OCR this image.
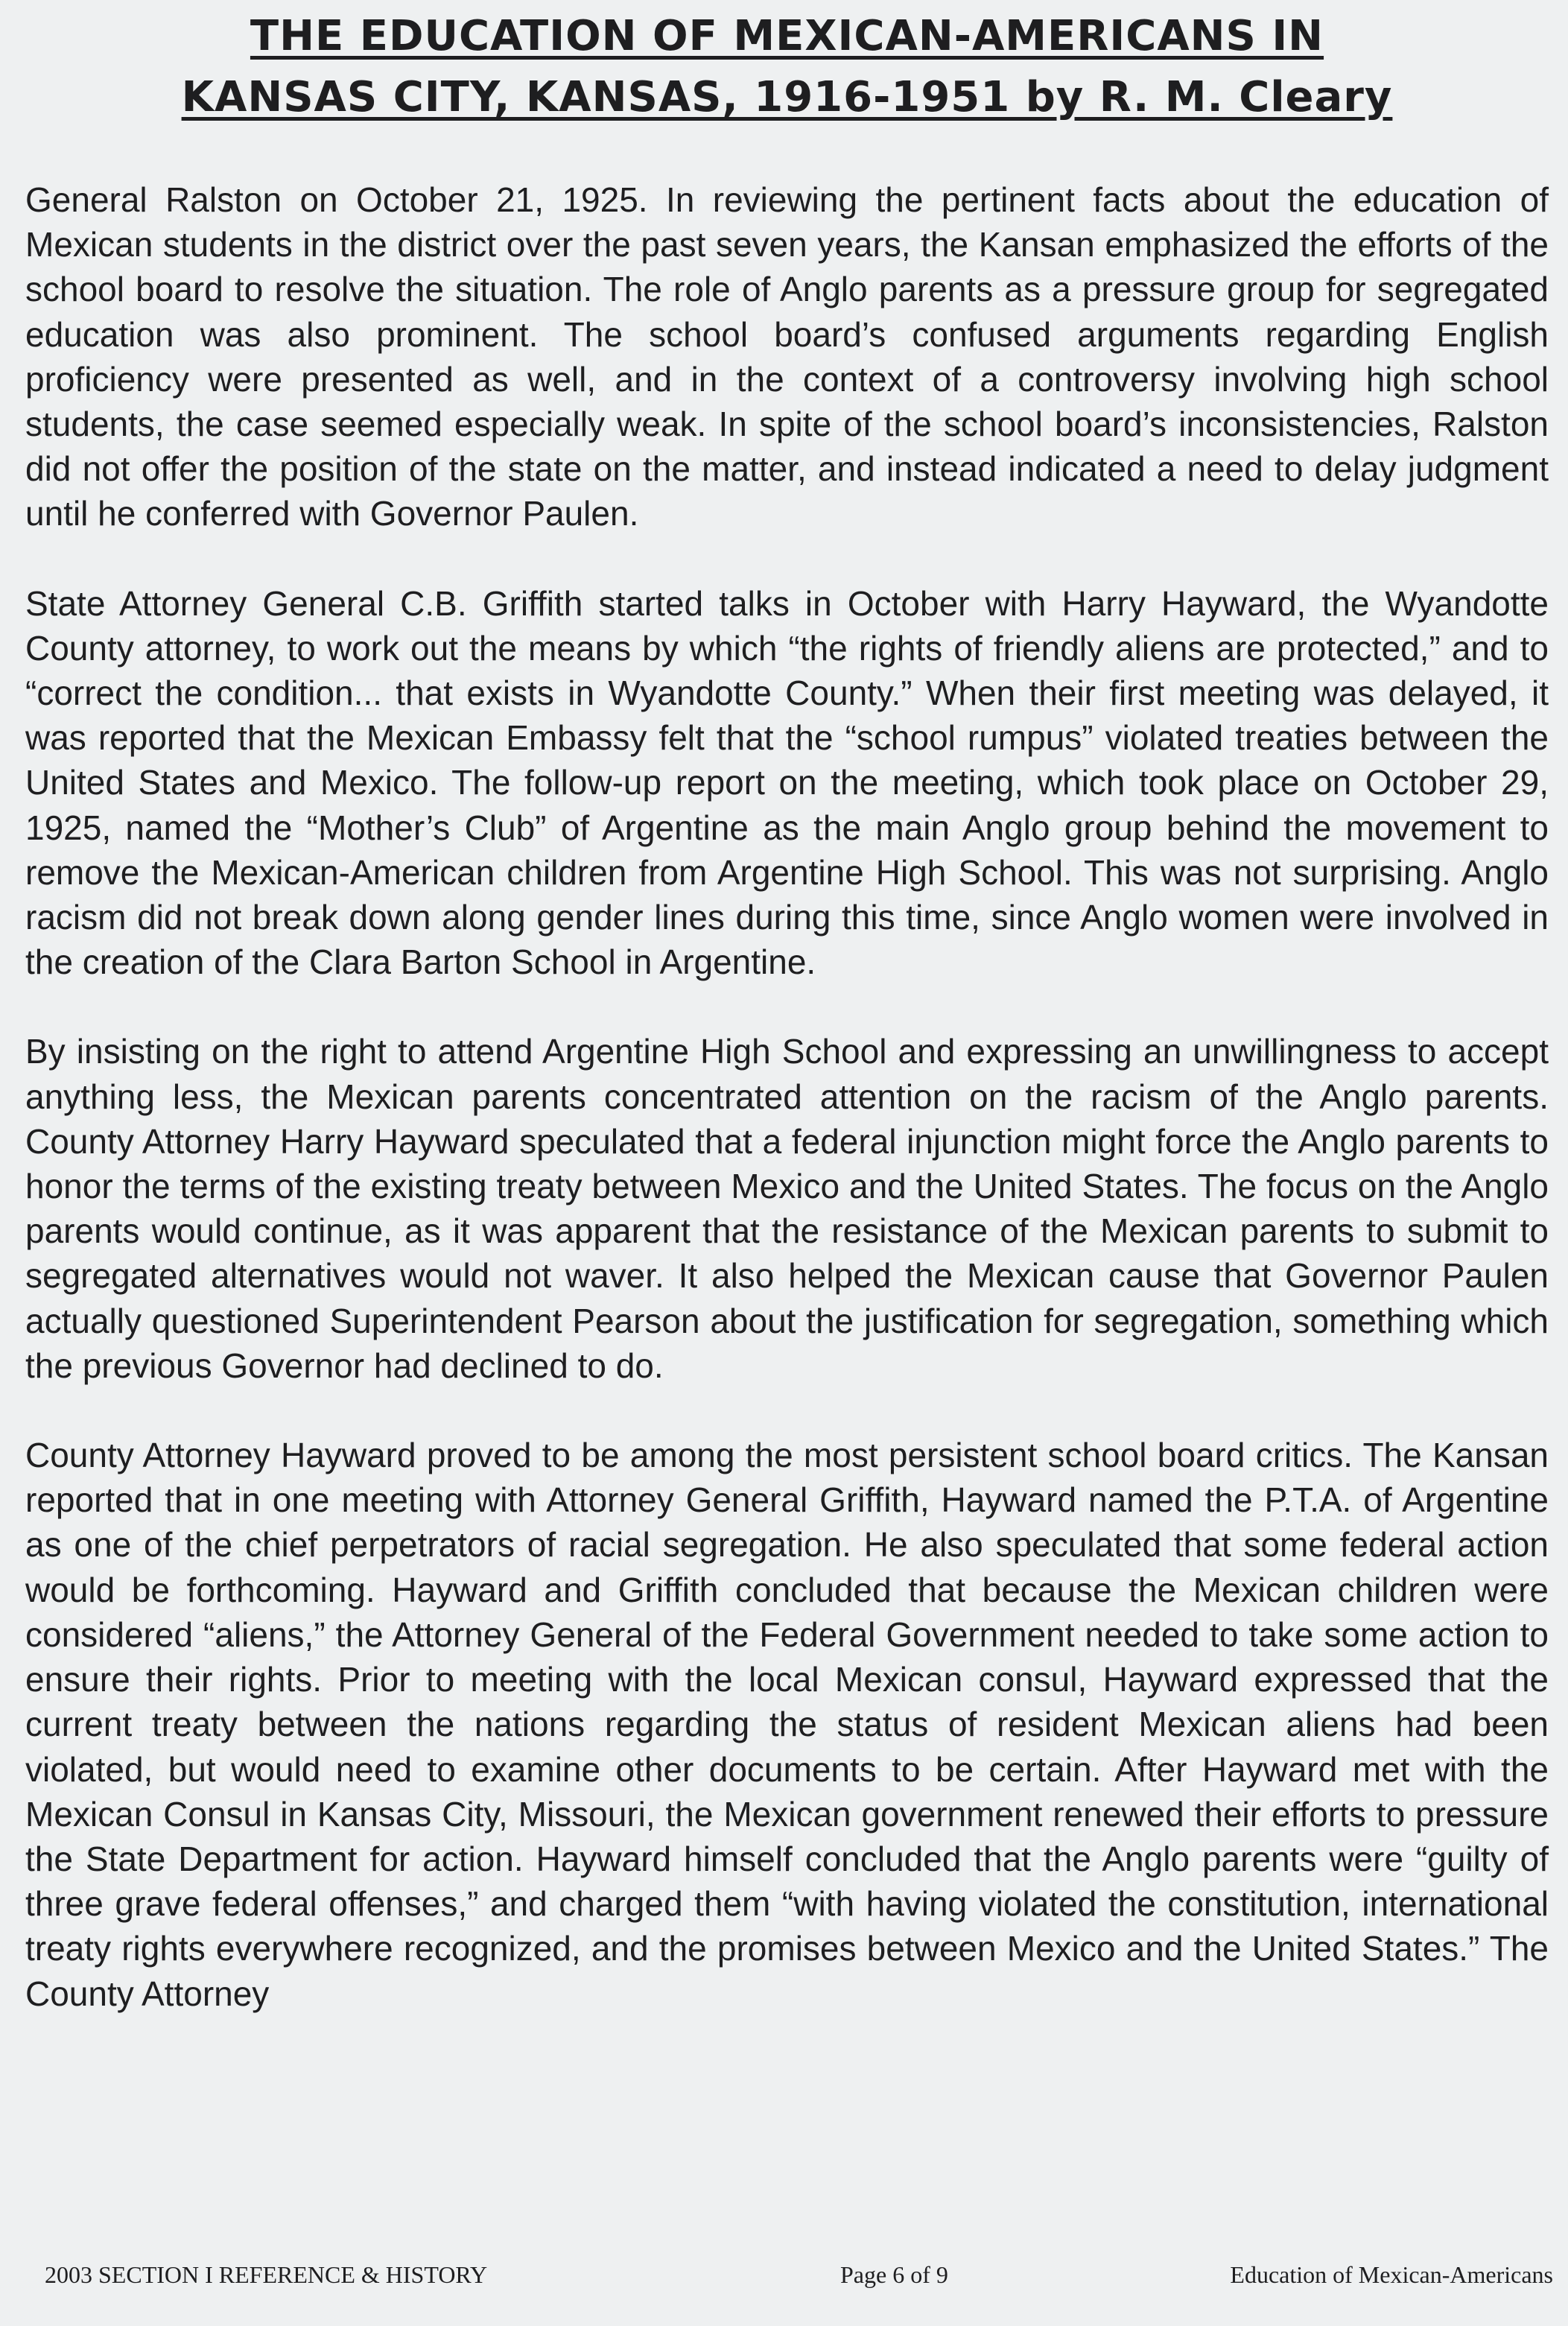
THE EDUCATION OF MEXICAN-AMERICANS IN
KANSAS CITY, KANSAS, 1916-1951 by R. M. Cleary

General Ralston on October 21, 1925. In reviewing the pertinent facts about the education of Mexican students in the district over the past seven years, the Kansan emphasized the efforts of the school board to resolve the situation. The role of Anglo parents as a pressure group for segregated education was also prominent. The school board’s confused arguments regarding English proficiency were presented as well, and in the context of a controversy involving high school students, the case seemed especially weak. In spite of the school board’s inconsistencies, Ralston did not offer the position of the state on the matter, and instead indicated a need to delay judgment until he conferred with Governor Paulen.

State Attorney General C.B. Griffith started talks in October with Harry Hayward, the Wyandotte County attorney, to work out the means by which “the rights of friendly aliens are protected,” and to “correct the condition... that exists in Wyandotte County.” When their first meeting was delayed, it was reported that the Mexican Embassy felt that the “school rumpus” violated treaties between the United States and Mexico. The follow-up report on the meeting, which took place on October 29, 1925, named the “Mother’s Club” of Argentine as the main Anglo group behind the movement to remove the Mexican-American children from Argentine High School. This was not surprising. Anglo racism did not break down along gender lines during this time, since Anglo women were involved in the creation of the Clara Barton School in Argentine.

By insisting on the right to attend Argentine High School and expressing an unwillingness to accept anything less, the Mexican parents concentrated attention on the racism of the Anglo parents. County Attorney Harry Hayward speculated that a federal injunction might force the Anglo parents to honor the terms of the existing treaty between Mexico and the United States. The focus on the Anglo parents would continue, as it was apparent that the resistance of the Mexican parents to submit to segregated alternatives would not waver. It also helped the Mexican cause that Governor Paulen actually questioned Superintendent Pearson about the justification for segregation, something which the previous Governor had declined to do.

County Attorney Hayward proved to be among the most persistent school board critics. The Kansan reported that in one meeting with Attorney General Griffith, Hayward named the P.T.A. of Argentine as one of the chief perpetrators of racial segregation. He also speculated that some federal action would be forthcoming. Hayward and Griffith concluded that because the Mexican children were considered “aliens,” the Attorney General of the Federal Government needed to take some action to ensure their rights. Prior to meeting with the local Mexican consul, Hayward expressed that the current treaty between the nations regarding the status of resident Mexican aliens had been violated, but would need to examine other documents to be certain. After Hayward met with the Mexican Consul in Kansas City, Missouri, the Mexican government renewed their efforts to pressure the State Department for action. Hayward himself concluded that the Anglo parents were “guilty of three grave federal offenses,” and charged them “with having violated the constitution, international treaty rights everywhere recognized, and the promises between Mexico and the United States.” The County Attorney

2003 SECTION I REFERENCE & HISTORY	Page 6 of 9	Education of Mexican-Americans
